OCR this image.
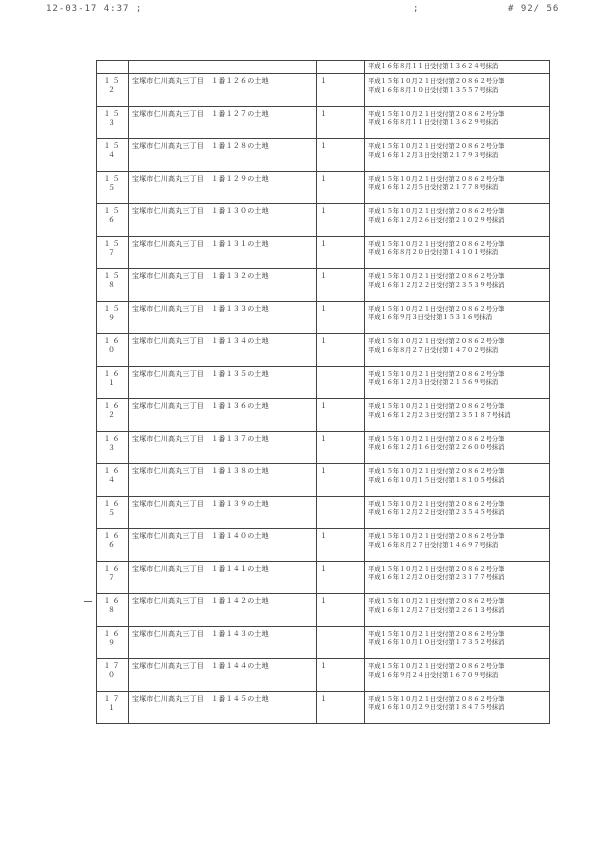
12-03-17 4:37 ;	;	# 92/ 56
			平成１６年８月１１日受付第１３６２４号抹消
１５２	宝塚市仁川高丸三丁目　１番１２６の土地	１	平成１５年１０月２１日受付第２０８６２号分筆
平成１６年８月１０日受付第１３５５７号抹消
１５３	宝塚市仁川高丸三丁目　１番１２７の土地	１	平成１５年１０月２１日受付第２０８６２号分筆
平成１６年８月１１日受付第１３６２９号抹消
１５４	宝塚市仁川高丸三丁目　１番１２８の土地	１	平成１５年１０月２１日受付第２０８６２号分筆
平成１６年１２月３日受付第２１７９３号抹消
１５５	宝塚市仁川高丸三丁目　１番１２９の土地	１	平成１５年１０月２１日受付第２０８６２号分筆
平成１６年１２月５日受付第２１７７８号抹消
１５６	宝塚市仁川高丸三丁目　１番１３０の土地	１	平成１５年１０月２１日受付第２０８６２号分筆
平成１６年１２月２６日受付第２１０２９号抹消
１５７	宝塚市仁川高丸三丁目　１番１３１の土地	１	平成１５年１０月２１日受付第２０８６２号分筆
平成１６年８月２０日受付第１４１０１号抹消
１５８	宝塚市仁川高丸三丁目　１番１３２の土地	１	平成１５年１０月２１日受付第２０８６２号分筆
平成１６年１２月２２日受付第２３５３９号抹消
１５９	宝塚市仁川高丸三丁目　１番１３３の土地	１	平成１５年１０月２１日受付第２０８６２号分筆
平成１６年９月３日受付第１５３１６号抹消
１６０	宝塚市仁川高丸三丁目　１番１３４の土地	１	平成１５年１０月２１日受付第２０８６２号分筆
平成１６年８月２７日受付第１４７０２号抹消
１６１	宝塚市仁川高丸三丁目　１番１３５の土地		平成１５年１０月２１日受付第２０８６２号分筆
平成１６年１２月３日受付第２１５６９号抹消
１６２	宝塚市仁川高丸三丁目　１番１３６の土地	１	平成１５年１０月２１日受付第２０８６２号分筆
平成１６年１２月２３日受付第２３５１８７号抹消
１６３	宝塚市仁川高丸三丁目　１番１３７の土地	１	平成１５年１０月２１日受付第２０８６２号分筆
平成１６年１２月１６日受付第２２６００号抹消
１６４	宝塚市仁川高丸三丁目　１番１３８の土地	１	平成１５年１０月２１日受付第２０８６２号分筆
平成１６年１０月１５日受付第１８１０５号抹消
１６５	宝塚市仁川高丸三丁目　１番１３９の土地		平成１５年１０月２１日受付第２０８６２号分筆
平成１６年１２月２２日受付第２３５４５号抹消
１６６	宝塚市仁川高丸三丁目　１番１４０の土地	１	平成１５年１０月２１日受付第２０８６２号分筆
平成１６年８月２７日受付第１４６９７号抹消
１６７	宝塚市仁川高丸三丁目　１番１４１の土地	１	平成１５年１０月２１日受付第２０８６２号分筆
平成１６年１２月２０日受付第２３１７７号抹消
１６８	宝塚市仁川高丸三丁目　１番１４２の土地	１	平成１５年１０月２１日受付第２０８６２号分筆
平成１６年１２月２７日受付第２２６１３号抹消
１６９	宝塚市仁川高丸三丁目　１番１４３の土地		平成１５年１０月２１日受付第２０８６２号分筆
平成１６年１０月１０日受付第１７３５２号抹消
１７０	宝塚市仁川高丸三丁目　１番１４４の土地	１	平成１５年１０月２１日受付第２０８６２号分筆
平成１６年９月２４日受付第１６７０９号抹消
１７１	宝塚市仁川高丸三丁目　１番１４５の土地	１	平成１５年１０月２１日受付第２０８６２号分筆
平成１６年１０月２９日受付第１８４７５号抹消
